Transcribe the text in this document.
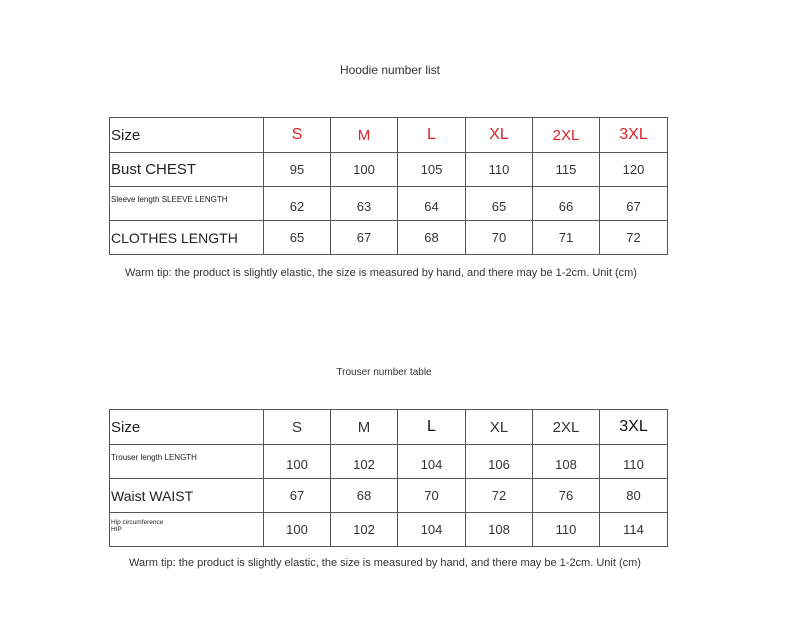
Hoodie number list
Size	S	M	L	XL	2XL	3XL
Bust CHEST	95	100	105	110	115	120
Sleeve length SLEEVE LENGTH	62	63	64	65	66	67
CLOTHES LENGTH	65	67	68	70	71	72
Warm tip: the product is slightly elastic, the size is measured by hand, and there may be 1-2cm. Unit (cm)
Trouser number table
Size	S	M	L	XL	2XL	3XL
Trouser length LENGTH	100	102	104	106	108	110
Waist WAIST	67	68	70	72	76	80
Hip circumference
HIP	100	102	104	108	110	114
Warm tip: the product is slightly elastic, the size is measured by hand, and there may be 1-2cm. Unit (cm)
